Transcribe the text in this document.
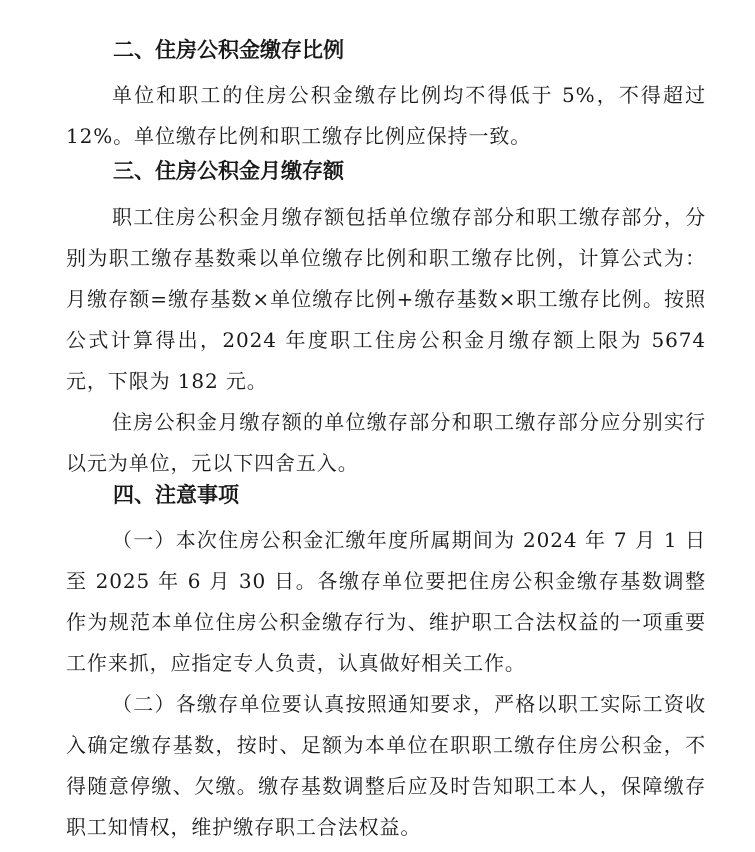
二、住房公积金缴存比例

单位和职工的住房公积金缴存比例均不得低于 5%，不得超过 12%。单位缴存比例和职工缴存比例应保持一致。

三、住房公积金月缴存额

职工住房公积金月缴存额包括单位缴存部分和职工缴存部分，分别为职工缴存基数乘以单位缴存比例和职工缴存比例，计算公式为：月缴存额=缴存基数×单位缴存比例+缴存基数×职工缴存比例。按照公式计算得出，2024 年度职工住房公积金月缴存额上限为 5674 元，下限为 182 元。

住房公积金月缴存额的单位缴存部分和职工缴存部分应分别实行以元为单位，元以下四舍五入。

四、注意事项

（一）本次住房公积金汇缴年度所属期间为 2024 年 7 月 1 日至 2025 年 6 月 30 日。各缴存单位要把住房公积金缴存基数调整作为规范本单位住房公积金缴存行为、维护职工合法权益的一项重要工作来抓，应指定专人负责，认真做好相关工作。

（二）各缴存单位要认真按照通知要求，严格以职工实际工资收入确定缴存基数，按时、足额为本单位在职职工缴存住房公积金，不得随意停缴、欠缴。缴存基数调整后应及时告知职工本人，保障缴存职工知情权，维护缴存职工合法权益。
